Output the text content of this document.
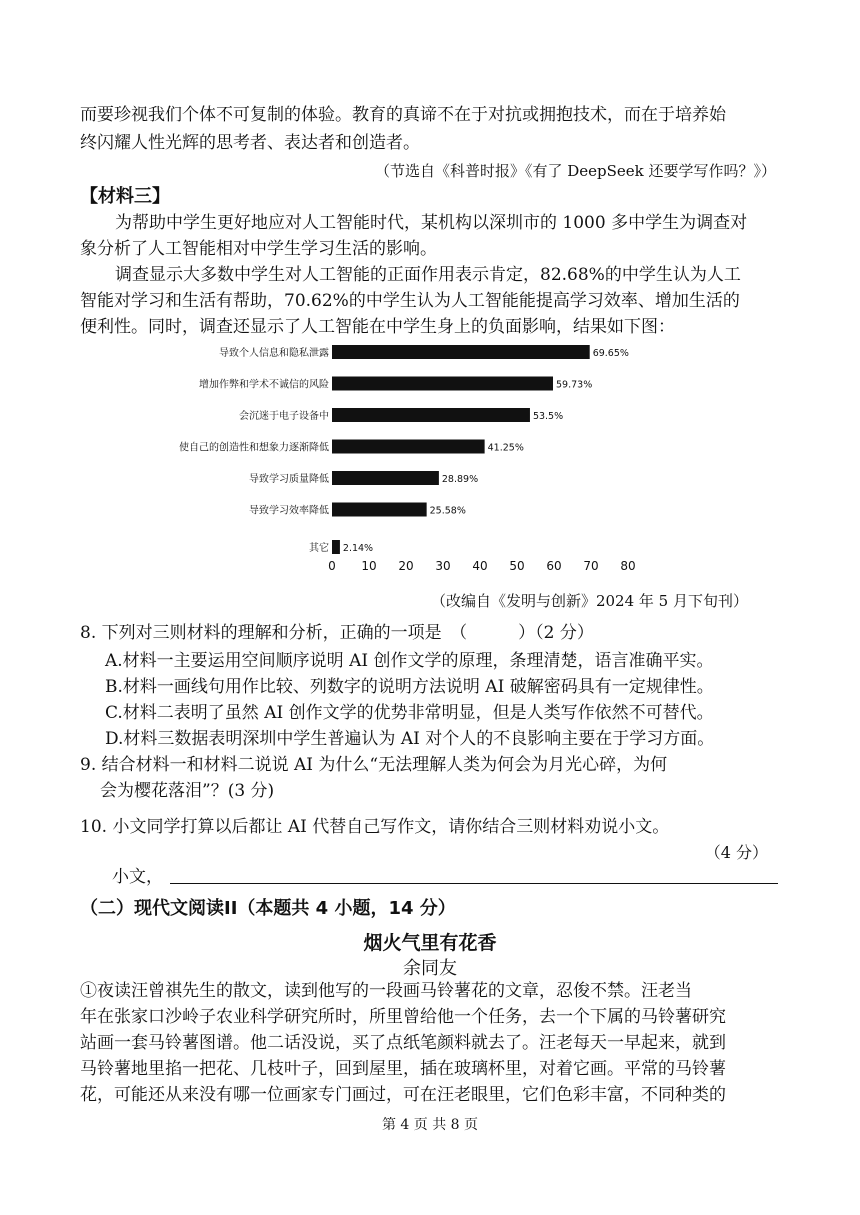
而要珍视我们个体不可复制的体验。教育的真谛不在于对抗或拥抱技术，而在于培养始
终闪耀人性光辉的思考者、表达者和创造者。
（节选自《科普时报》《有了 DeepSeek 还要学写作吗？》）
【材料三】
为帮助中学生更好地应对人工智能时代，某机构以深圳市的 1000 多中学生为调查对
象分析了人工智能相对中学生学习生活的影响。
调查显示大多数中学生对人工智能的正面作用表示肯定，82.68%的中学生认为人工
智能对学习和生活有帮助，70.62%的中学生认为人工智能能提高学习效率、增加生活的
便利性。同时，调查还显示了人工智能在中学生身上的负面影响，结果如下图：
导致个人信息和隐私泄露	69.65%
增加作弊和学术不诚信的风险	59.73%
会沉迷于电子设备中	53.5%
使自己的创造性和想象力逐渐降低	41.25%
导致学习质量降低	28.89%
导致学习效率降低	25.58%
其它 2.14%
0 10 20 30 40 50 60 70 80
（改编自《发明与创新》2024 年 5 月下旬刊）
8. 下列对三则材料的理解和分析，正确的一项是　（　　　）（2 分）
A.材料一主要运用空间顺序说明 AI 创作文学的原理，条理清楚，语言准确平实。
B.材料一画线句用作比较、列数字的说明方法说明 AI 破解密码具有一定规律性。
C.材料二表明了虽然 AI 创作文学的优势非常明显，但是人类写作依然不可替代。
D.材料三数据表明深圳中学生普遍认为 AI 对个人的不良影响主要在于学习方面。
9. 结合材料一和材料二说说 AI 为什么“无法理解人类为何会为月光心碎，为何
会为樱花落泪”？(3 分)
10. 小文同学打算以后都让 AI 代替自己写作文，请你结合三则材料劝说小文。
（4 分）
小文，
（二）现代文阅读II（本题共 4 小题，14 分）
烟火气里有花香
余同友
①夜读汪曾祺先生的散文，读到他写的一段画马铃薯花的文章，忍俊不禁。汪老当
年在张家口沙岭子农业科学研究所时，所里曾给他一个任务，去一个下属的马铃薯研究
站画一套马铃薯图谱。他二话没说，买了点纸笔颜料就去了。汪老每天一早起来，就到
马铃薯地里掐一把花、几枝叶子，回到屋里，插在玻璃杯里，对着它画。平常的马铃薯
花，可能还从来没有哪一位画家专门画过，可在汪老眼里，它们色彩丰富，不同种类的
第 4 页 共 8 页
